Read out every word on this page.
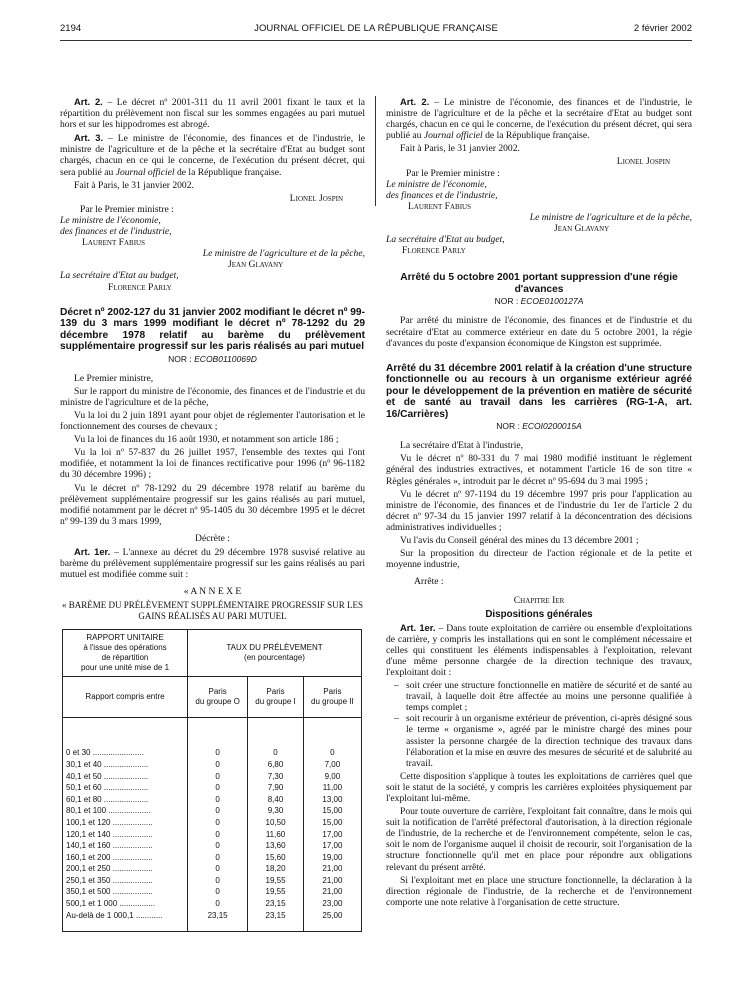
2194	JOURNAL OFFICIEL DE LA RÉPUBLIQUE FRANÇAISE	2 février 2002

Art. 2. – Le décret nº 2001-311 du 11 avril 2001 fixant le taux et la répartition du prélèvement non fiscal sur les sommes engagées au pari mutuel hors et sur les hippodromes est abrogé.

Art. 3. – Le ministre de l'économie, des finances et de l'industrie, le ministre de l'agriculture et de la pêche et la secrétaire d'Etat au budget sont chargés, chacun en ce qui le concerne, de l'exécution du présent décret, qui sera publié au Journal officiel de la République française.

Fait à Paris, le 31 janvier 2002.

Lionel Jospin

Par le Premier ministre :

Le ministre de l'économie,

des finances et de l'industrie,

Laurent Fabius

Le ministre de l'agriculture et de la pêche,

Jean Glavany

La secrétaire d'Etat au budget,

Florence Parly

Décret nº 2002-127 du 31 janvier 2002 modifiant le décret nº 99-139 du 3 mars 1999 modifiant le décret nº 78-1292 du 29 décembre 1978 relatif au barème du prélèvement supplémentaire progressif sur les paris réalisés au pari mutuel

NOR : ECOB0110069D

Le Premier ministre,

Sur le rapport du ministre de l'économie, des finances et de l'industrie et du ministre de l'agriculture et de la pêche,

Vu la loi du 2 juin 1891 ayant pour objet de réglementer l'autorisation et le fonctionnement des courses de chevaux ;

Vu la loi de finances du 16 août 1930, et notamment son article 186 ;

Vu la loi nº 57-837 du 26 juillet 1957, l'ensemble des textes qui l'ont modifiée, et notamment la loi de finances rectificative pour 1996 (nº 96-1182 du 30 décembre 1996) ;

Vu le décret nº 78-1292 du 29 décembre 1978 relatif au barème du prélèvement supplémentaire progressif sur les gains réalisés au pari mutuel, modifié notamment par le décret nº 95-1405 du 30 décembre 1995 et le décret nº 99-139 du 3 mars 1999,

Décrète :

Art. 1er. – L'annexe au décret du 29 décembre 1978 susvisé relative au barème du prélèvement supplémentaire progressif sur les gains réalisés au pari mutuel est modifiée comme suit :

« A N N E X E

« BARÈME DU PRÉLÈVEMENT SUPPLÉMENTAIRE PROGRESSIF SUR LES GAINS RÉALISÉS AU PARI MUTUEL

RAPPORT UNITAIRE
à l'issue des opérations
de répartition
pour une unité mise de 1	TAUX DU PRÉLÈVEMENT
(en pourcentage)		
Rapport compris entre	Paris
du groupe O	Paris
du groupe I	Paris
du groupe II
0 et 30 .......................	0	0	0
30,1 et 40 ....................	0	6,80	7,00
40,1 et 50 ....................	0	7,30	9,00
50,1 et 60 ....................	0	7,90	11,00
60,1 et 80 ....................	0	8,40	13,00
80,1 et 100 ...................	0	9,30	15,00
100,1 et 120 ..................	0	10,50	15,00
120,1 et 140 ..................	0	11,60	17,00
140,1 et 160 ..................	0	13,60	17,00
160,1 et 200 ..................	0	15,60	19,00
200,1 et 250 ..................	0	18,20	21,00
250,1 et 350 ..................	0	19,55	21,00
350,1 et 500 ..................	0	19,55	21,00
500,1 et 1 000 ................	0	23,15	23,00
Au-delà de 1 000,1 ............	23,15	23,15	25,00

Art. 2. – Le ministre de l'économie, des finances et de l'industrie, le ministre de l'agriculture et de la pêche et la secrétaire d'Etat au budget sont chargés, chacun en ce qui le concerne, de l'exécution du présent décret, qui sera publié au Journal officiel de la République française.

Fait à Paris, le 31 janvier 2002.

Lionel Jospin

Par le Premier ministre :

Le ministre de l'économie,

des finances et de l'industrie,

Laurent Fabius

Le ministre de l'agriculture et de la pêche,

Jean Glavany

La secrétaire d'Etat au budget,

Florence Parly

Arrêté du 5 octobre 2001 portant suppression d'une régie d'avances

NOR : ECOE0100127A

Par arrêté du ministre de l'économie, des finances et de l'industrie et du secrétaire d'Etat au commerce extérieur en date du 5 octobre 2001, la régie d'avances du poste d'expansion économique de Kingston est supprimée.

Arrêté du 31 décembre 2001 relatif à la création d'une structure fonctionnelle ou au recours à un organisme extérieur agréé pour le développement de la prévention en matière de sécurité et de santé au travail dans les carrières (RG-1-A, art. 16/Carrières)

NOR : ECOI0200015A

La secrétaire d'Etat à l'industrie,

Vu le décret nº 80-331 du 7 mai 1980 modifié instituant le règlement général des industries extractives, et notamment l'article 16 de son titre « Règles générales », introduit par le décret nº 95-694 du 3 mai 1995 ;

Vu le décret nº 97-1194 du 19 décembre 1997 pris pour l'application au ministre de l'économie, des finances et de l'industrie du 1er de l'article 2 du décret nº 97-34 du 15 janvier 1997 relatif à la déconcentration des décisions administratives individuelles ;

Vu l'avis du Conseil général des mines du 13 décembre 2001 ;

Sur la proposition du directeur de l'action régionale et de la petite et moyenne industrie,

Arrête :

Chapitre Ier

Dispositions générales

Art. 1er. – Dans toute exploitation de carrière ou ensemble d'exploitations de carrière, y compris les installations qui en sont le complément nécessaire et celles qui constituent les éléments indispensables à l'exploitation, relevant d'une même personne chargée de la direction technique des travaux, l'exploitant doit :

– soit créer une structure fonctionnelle en matière de sécurité et de santé au travail, à laquelle doit être affectée au moins une personne qualifiée à temps complet ;
– soit recourir à un organisme extérieur de prévention, ci-après désigné sous le terme « organisme », agréé par le ministre chargé des mines pour assister la personne chargée de la direction technique des travaux dans l'élaboration et la mise en œuvre des mesures de sécurité et de salubrité au travail.

Cette disposition s'applique à toutes les exploitations de carrières quel que soit le statut de la société, y compris les carrières exploitées physiquement par l'exploitant lui-même.

Pour toute ouverture de carrière, l'exploitant fait connaître, dans le mois qui suit la notification de l'arrêté préfectoral d'autorisation, à la direction régionale de l'industrie, de la recherche et de l'environnement compétente, selon le cas, soit le nom de l'organisme auquel il choisit de recourir, soit l'organisation de la structure fonctionnelle qu'il met en place pour répondre aux obligations relevant du présent arrêté.

Si l'exploitant met en place une structure fonctionnelle, la déclaration à la direction régionale de l'industrie, de la recherche et de l'environnement comporte une note relative à l'organisation de cette structure.
